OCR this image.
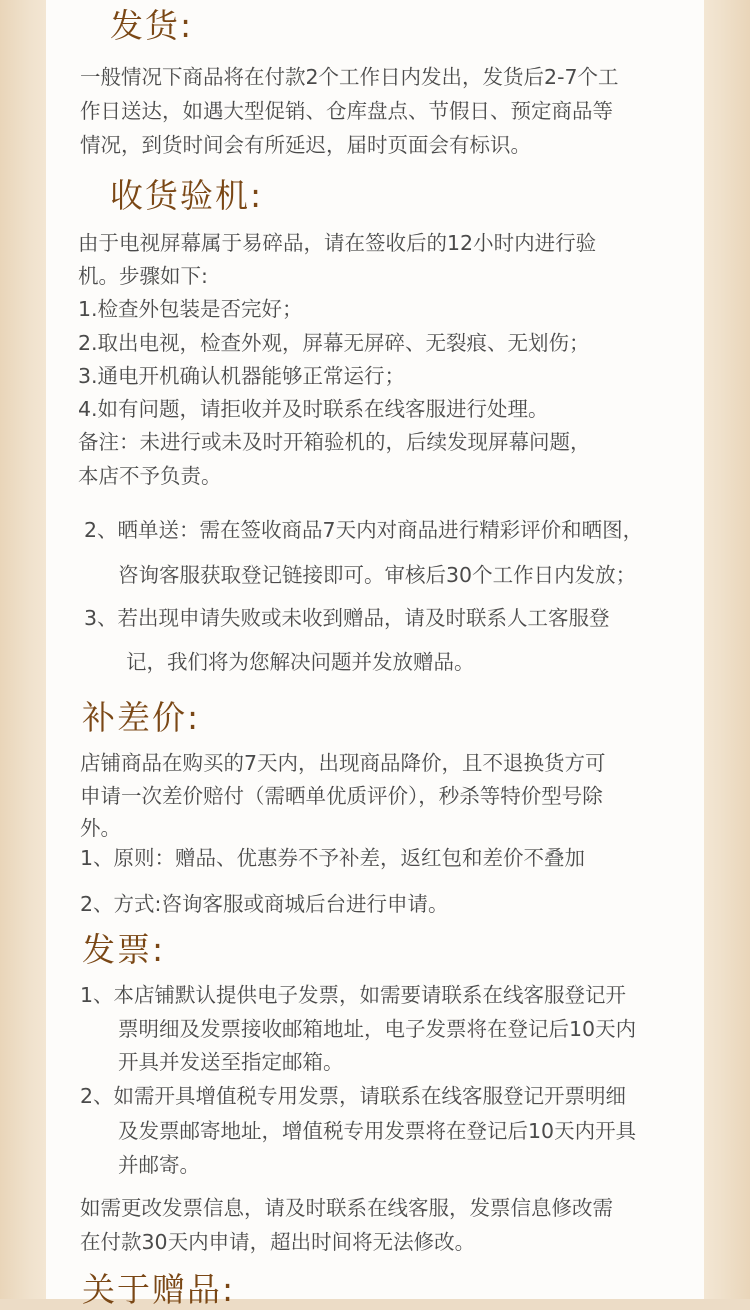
发货:

一般情况下商品将在付款2个工作日内发出，发货后2-7个工

作日送达，如遇大型促销、仓库盘点、节假日、预定商品等

情况，到货时间会有所延迟，届时页面会有标识。

收货验机:

由于电视屏幕属于易碎品，请在签收后的12小时内进行验

机。步骤如下:

1.检查外包装是否完好；

2.取出电视，检查外观，屏幕无屏碎、无裂痕、无划伤；

3.通电开机确认机器能够正常运行；

4.如有问题，请拒收并及时联系在线客服进行处理。

备注：未进行或未及时开箱验机的，后续发现屏幕问题，

本店不予负责。

2、晒单送：需在签收商品7天内对商品进行精彩评价和晒图，

咨询客服获取登记链接即可。审核后30个工作日内发放；

3、若出现申请失败或未收到赠品，请及时联系人工客服登

记，我们将为您解决问题并发放赠品。

补差价:

店铺商品在购买的7天内，出现商品降价，且不退换货方可

申请一次差价赔付（需晒单优质评价），秒杀等特价型号除

外。

1、原则：赠品、优惠券不予补差，返红包和差价不叠加

2、方式:咨询客服或商城后台进行申请。

发票:

1、本店铺默认提供电子发票，如需要请联系在线客服登记开

票明细及发票接收邮箱地址，电子发票将在登记后10天内

开具并发送至指定邮箱。

2、如需开具增值税专用发票，请联系在线客服登记开票明细

及发票邮寄地址，增值税专用发票将在登记后10天内开具

并邮寄。

如需更改发票信息，请及时联系在线客服，发票信息修改需

在付款30天内申请，超出时间将无法修改。

关于赠品:
